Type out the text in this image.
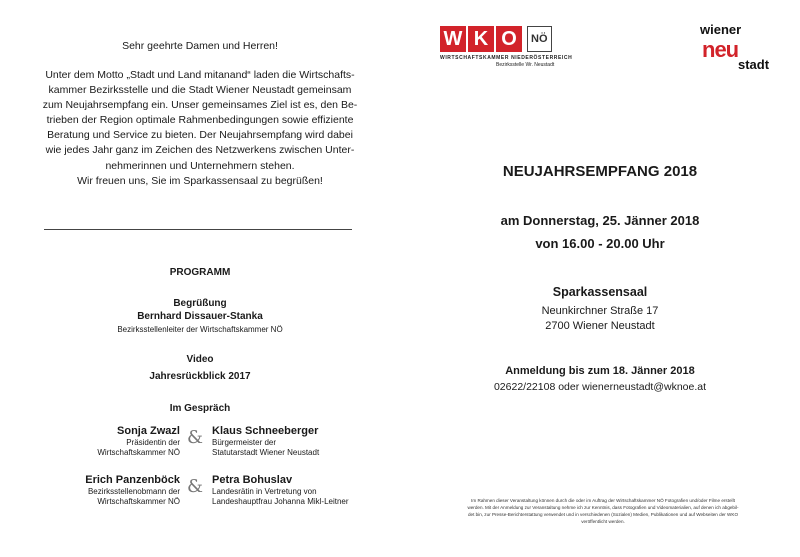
Sehr geehrte Damen und Herren!
Unter dem Motto „Stadt und Land mitanand“ laden die Wirtschafts-
kammer Bezirksstelle und die Stadt Wiener Neustadt gemeinsam
zum Neujahrsempfang ein. Unser gemeinsames Ziel ist es, den Be-
trieben der Region optimale Rahmenbedingungen sowie effiziente
Beratung und Service zu bieten. Der Neujahrsempfang wird dabei
wie jedes Jahr ganz im Zeichen des Netzwerkens zwischen Unter-
nehmerinnen und Unternehmern stehen.
Wir freuen uns, Sie im Sparkassensaal zu begrüßen!
PROGRAMM
Begrüßung
Bernhard Dissauer-Stanka
Bezirksstellenleiter der Wirtschaftskammer NÖ
Video
Jahresrückblick 2017
Im Gespräch
Sonja Zwazl
Präsidentin der
Wirtschaftskammer NÖ
& Klaus Schneeberger
Bürgermeister der
Statutarstadt Wiener Neustadt
Erich Panzenböck
Bezirksstellenobmann der
Wirtschaftskammer NÖ
& Petra Bohuslav
Landesrätin in Vertretung von
Landeshauptfrau Johanna Mikl-Leitner
W K O	NÖ
WIRTSCHAFTSKAMMER NIEDERÖSTERREICH
Bezirksstelle Wr. Neustadt
wiener
neu
stadt
NEUJAHRSEMPFANG 2018
am Donnerstag, 25. Jänner 2018
von 16.00 - 20.00 Uhr
Sparkassensaal
Neunkirchner Straße 17
2700 Wiener Neustadt
Anmeldung bis zum 18. Jänner 2018
02622/22108 oder wienerneustadt@wknoe.at
Im Rahmen dieser Veranstaltung können durch die oder im Auftrag der Wirtschaftskammer NÖ Fotografien und/oder Filme erstellt
werden. Mit der Anmeldung zur Veranstaltung nehme ich zur Kenntnis, dass Fotografien und Videomaterialien, auf denen ich abgebil-
det bin, zur Presse-Berichterstattung verwendet und in verschiedenen (Sozialen) Medien, Publikationen und auf Webseiten der WKO
veröffentlicht werden.
